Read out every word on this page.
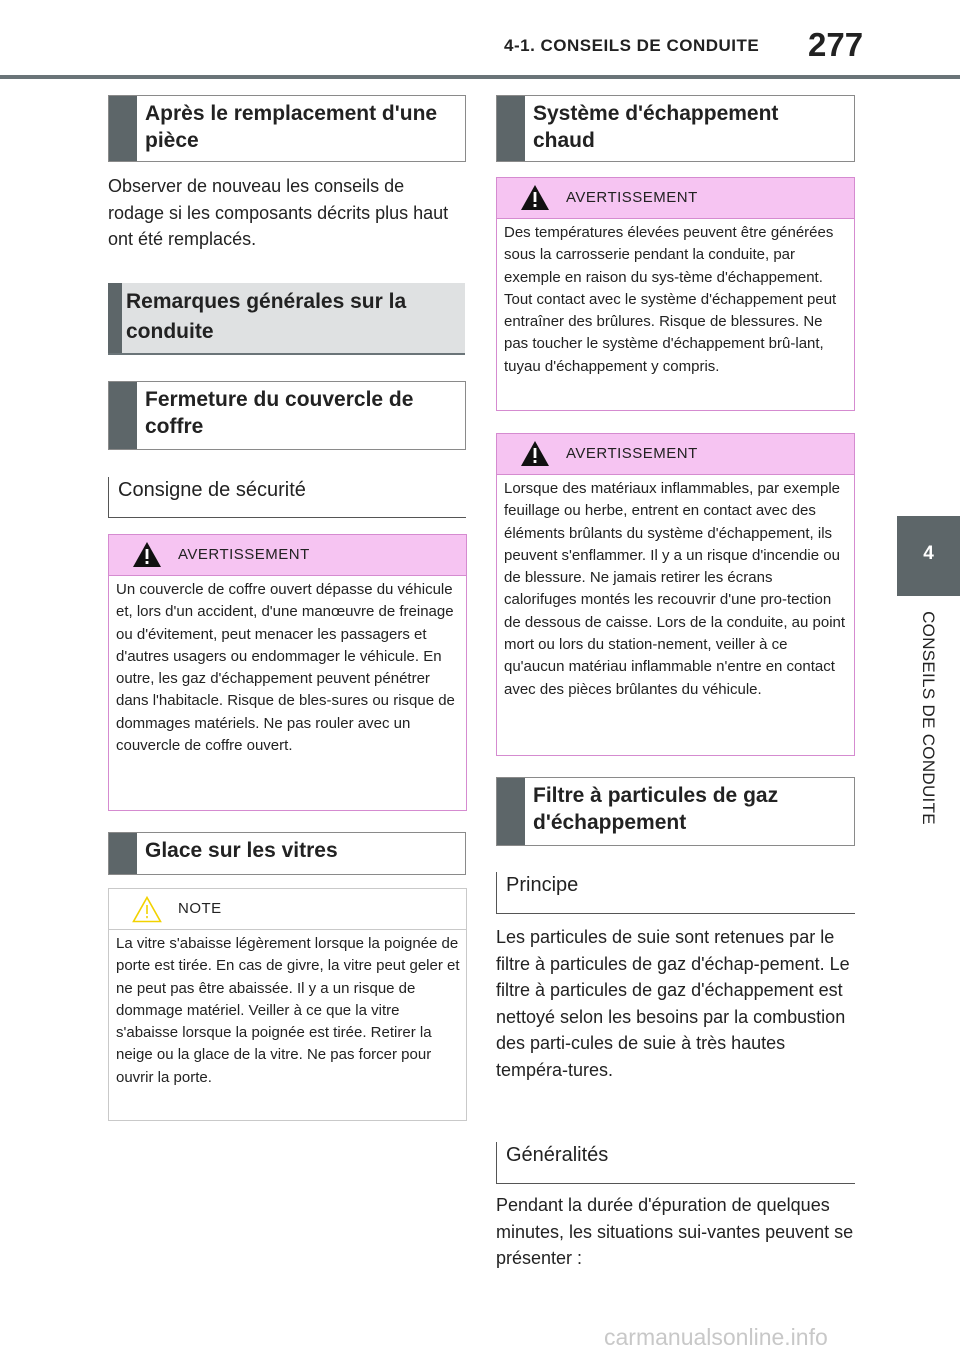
4-1. CONSEILS DE CONDUITE 277
4
CONSEILS DE CONDUITE
Après le remplacement d'une pièce
Observer de nouveau les conseils de rodage si les composants décrits plus haut ont été remplacés.
Remarques générales sur la conduite
Fermeture du couvercle de coffre
Consigne de sécurité
AVERTISSEMENT
Un couvercle de coffre ouvert dépasse du véhicule et, lors d'un accident, d'une manœuvre de freinage ou d'évitement, peut menacer les passagers et d'autres usagers ou endommager le véhicule. En outre, les gaz d'échappement peuvent pénétrer dans l'habitacle. Risque de bles-sures ou risque de dommages matériels. Ne pas rouler avec un couvercle de coffre ouvert.
Glace sur les vitres
NOTE
La vitre s'abaisse légèrement lorsque la poignée de porte est tirée. En cas de givre, la vitre peut geler et ne peut pas être abaissée. Il y a un risque de dommage matériel. Veiller à ce que la vitre s'abaisse lorsque la poignée est tirée. Retirer la neige ou la glace de la vitre. Ne pas forcer pour ouvrir la porte.
Système d'échappement chaud
AVERTISSEMENT
Des températures élevées peuvent être générées sous la carrosserie pendant la conduite, par exemple en raison du sys-tème d'échappement. Tout contact avec le système d'échappement peut entraîner des brûlures. Risque de blessures. Ne pas toucher le système d'échappement brû-lant, tuyau d'échappement y compris.
AVERTISSEMENT
Lorsque des matériaux inflammables, par exemple feuillage ou herbe, entrent en contact avec des éléments brûlants du système d'échappement, ils peuvent s'enflammer. Il y a un risque d'incendie ou de blessure. Ne jamais retirer les écrans calorifuges montés les recouvrir d'une pro-tection de dessous de caisse. Lors de la conduite, au point mort ou lors du station-nement, veiller à ce qu'aucun matériau inflammable n'entre en contact avec des pièces brûlantes du véhicule.
Filtre à particules de gaz d'échappement
Principe
Les particules de suie sont retenues par le filtre à particules de gaz d'échap-pement. Le filtre à particules de gaz d'échappement est nettoyé selon les besoins par la combustion des parti-cules de suie à très hautes tempéra-tures.
Généralités
Pendant la durée d'épuration de quelques minutes, les situations sui-vantes peuvent se présenter :
carmanualsonline.info
